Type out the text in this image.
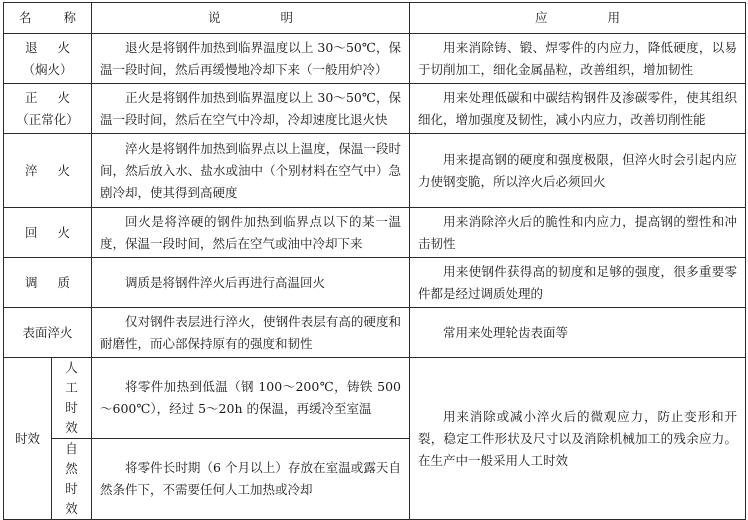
名 称		说 明	应 用

退 火
（焖火）		退火是将钢件加热到临界温度以上 30～50℃，保温一段时间，然后再缓慢地冷却下来（一般用炉冷）	用来消除铸、锻、焊零件的内应力，降低硬度，以易于切削加工，细化金属晶粒，改善组织，增加韧性

正 火
（正常化）		正火是将钢件加热到临界温度以上 30～50℃，保温一段时间，然后在空气中冷却，冷却速度比退火快	用来处理低碳和中碳结构钢件及渗碳零件，使其组织细化，增加强度及韧性，减小内应力，改善切削性能

淬 火		淬火是将钢件加热到临界点以上温度，保温一段时间，然后放入水、盐水或油中（个别材料在空气中）急剧冷却，使其得到高硬度	用来提高钢的硬度和强度极限，但淬火时会引起内应力使钢变脆，所以淬火后必须回火

回 火		回火是将淬硬的钢件加热到临界点以下的某一温度，保温一段时间，然后在空气或油中冷却下来	用来消除淬火后的脆性和内应力，提高钢的塑性和冲击韧性

调 质		调质是将钢件淬火后再进行高温回火	用来使钢件获得高的韧度和足够的强度，很多重要零件都是经过调质处理的

表面淬火		仅对钢件表层进行淬火，使钢件表层有高的硬度和耐磨性，而心部保持原有的强度和韧性	常用来处理轮齿表面等

时效	人工时效	将零件加热到低温（钢 100～200℃，铸铁 500～600℃），经过 5～20h 的保温，再缓冷至室温	用来消除或减小淬火后的微观应力，防止变形和开裂，稳定工件形状及尺寸以及消除机械加工的残余应力。在生产中一般采用人工时效
	自然时效	将零件长时期（6 个月以上）存放在室温或露天自然条件下，不需要任何人工加热或冷却	
